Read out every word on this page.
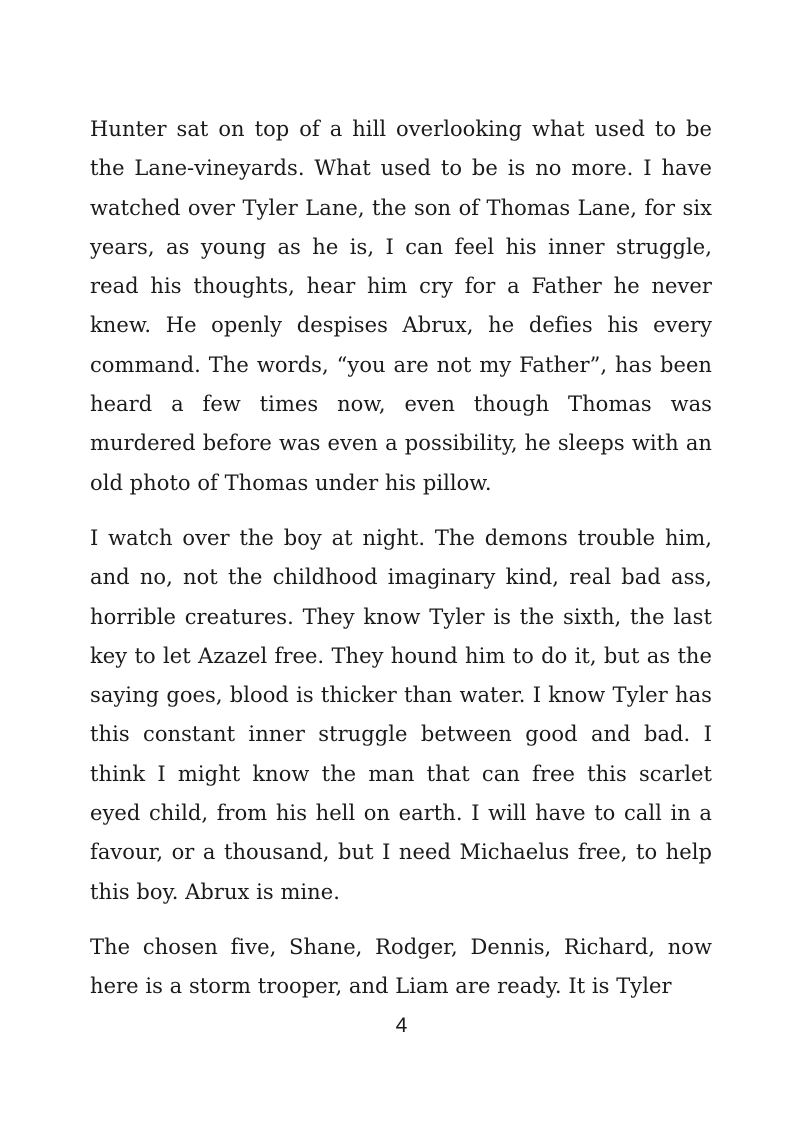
Hunter sat on top of a hill overlooking what used to be the Lane-vineyards. What used to be is no more. I have watched over Tyler Lane, the son of Thomas Lane, for six years, as young as he is, I can feel his inner struggle, read his thoughts, hear him cry for a Father he never knew. He openly despises Abrux, he defies his every command. The words, “you are not my Father”, has been heard a few times now, even though Thomas was murdered before was even a possibility, he sleeps with an old photo of Thomas under his pillow.

I watch over the boy at night. The demons trouble him, and no, not the childhood imaginary kind, real bad ass, horrible creatures. They know Tyler is the sixth, the last key to let Azazel free. They hound him to do it, but as the saying goes, blood is thicker than water. I know Tyler has this constant inner struggle between good and bad. I think I might know the man that can free this scarlet eyed child, from his hell on earth. I will have to call in a favour, or a thousand, but I need Michaelus free, to help this boy. Abrux is mine.

The chosen five, Shane, Rodger, Dennis, Richard, now here is a storm trooper, and Liam are ready. It is Tyler

4
